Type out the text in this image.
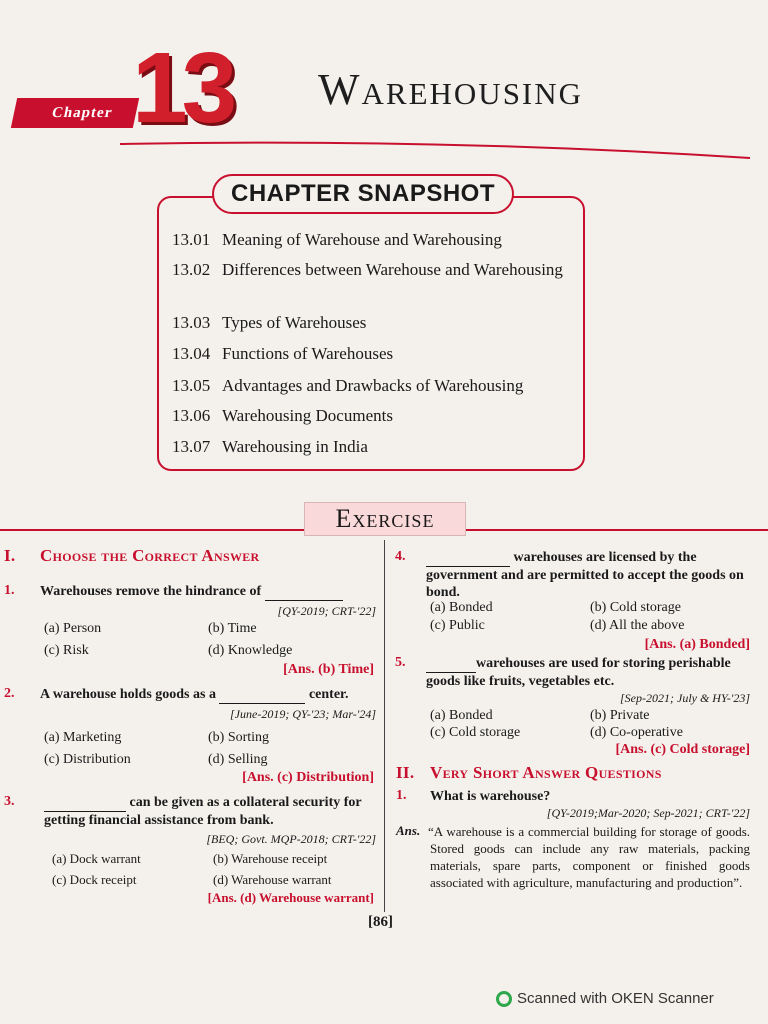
Chapter 13 Warehousing
CHAPTER SNAPSHOT
13.01 Meaning of Warehouse and Warehousing
13.02 Differences between Warehouse and Warehousing
13.03 Types of Warehouses
13.04 Functions of Warehouses
13.05 Advantages and Drawbacks of Warehousing
13.06 Warehousing Documents
13.07 Warehousing in India
Exercise
I. Choose the Correct Answer
1. Warehouses remove the hindrance of
[QY-2019; CRT-'22]
(a) Person	(b) Time
(c) Risk	(d) Knowledge
[Ans. (b) Time]
2. A warehouse holds goods as a	center.
[June-2019; QY-'23; Mar-'24]
(a) Marketing	(b) Sorting
(c) Distribution	(d) Selling
[Ans. (c) Distribution]
3.	can be given as a collateral security for getting financial assistance from bank.
[BEQ; Govt. MQP-2018; CRT-'22]
(a) Dock warrant	(b) Warehouse receipt
(c) Dock receipt	(d) Warehouse warrant
[Ans. (d) Warehouse warrant]
4.	warehouses are licensed by the government and are permitted to accept the goods on bond.
(a) Bonded	(b) Cold storage
(c) Public	(d) All the above
[Ans. (a) Bonded]
5.	warehouses are used for storing perishable goods like fruits, vegetables etc.
[Sep-2021; July & HY-'23]
(a) Bonded	(b) Private
(c) Cold storage	(d) Co-operative
[Ans. (c) Cold storage]
II. Very Short Answer Questions
1. What is warehouse?
[QY-2019;Mar-2020; Sep-2021; CRT-'22]
Ans. “A warehouse is a commercial building for storage of goods. Stored goods can include any raw materials, packing materials, spare parts, component or finished goods associated with agriculture, manufacturing and production”.
[86]
Scanned with OKEN Scanner
